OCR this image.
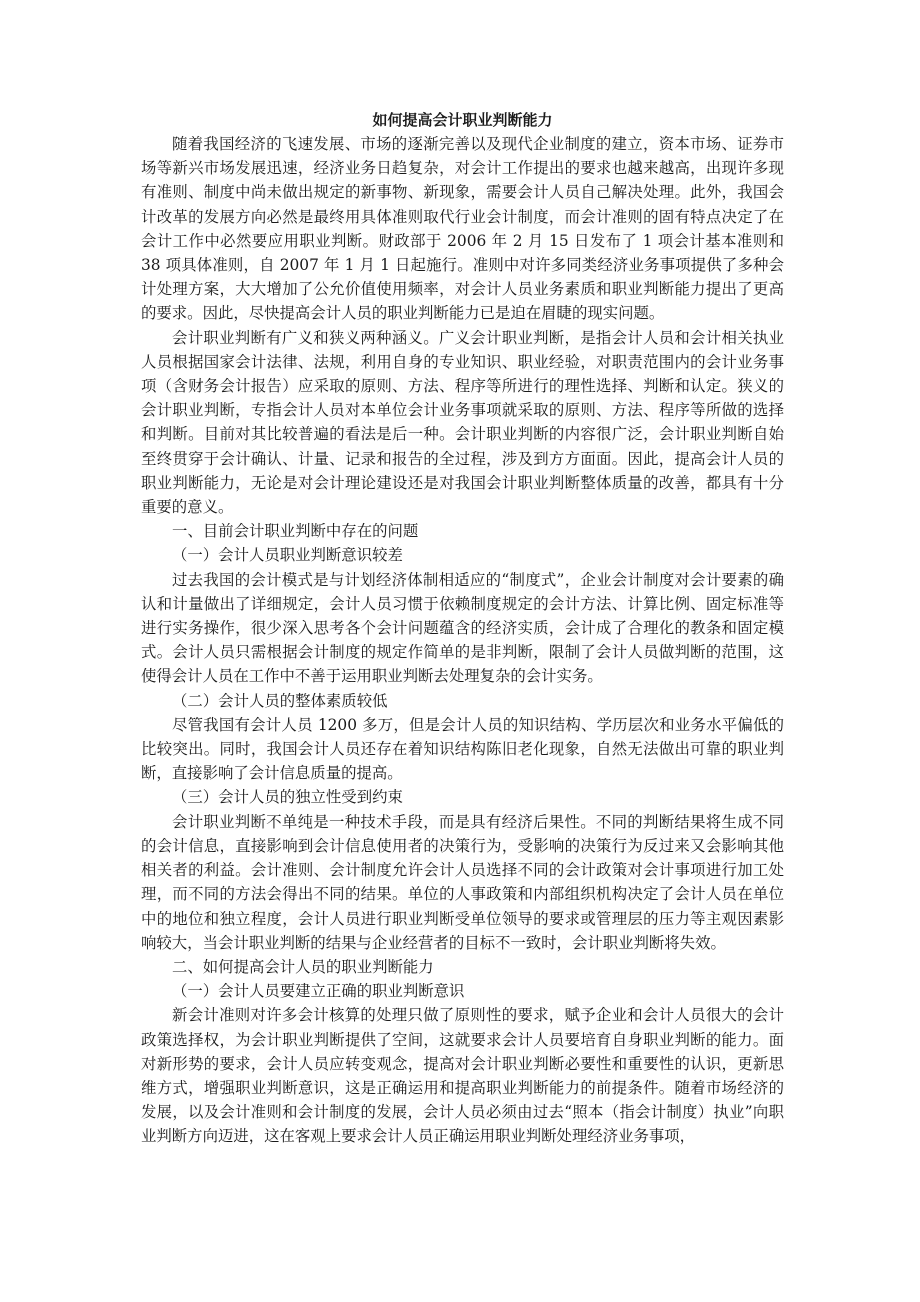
如何提高会计职业判断能力

随着我国经济的飞速发展、市场的逐渐完善以及现代企业制度的建立，资本市场、证券市场等新兴市场发展迅速，经济业务日趋复杂，对会计工作提出的要求也越来越高，出现许多现有准则、制度中尚未做出规定的新事物、新现象，需要会计人员自己解决处理。此外，我国会计改革的发展方向必然是最终用具体准则取代行业会计制度，而会计准则的固有特点决定了在会计工作中必然要应用职业判断。财政部于 2006 年 2 月 15 日发布了 1 项会计基本准则和 38 项具体准则，自 2007 年 1 月 1 日起施行。准则中对许多同类经济业务事项提供了多种会计处理方案，大大增加了公允价值使用频率，对会计人员业务素质和职业判断能力提出了更高的要求。因此，尽快提高会计人员的职业判断能力已是迫在眉睫的现实问题。

会计职业判断有广义和狭义两种涵义。广义会计职业判断，是指会计人员和会计相关执业人员根据国家会计法律、法规，利用自身的专业知识、职业经验，对职责范围内的会计业务事项（含财务会计报告）应采取的原则、方法、程序等所进行的理性选择、判断和认定。狭义的会计职业判断，专指会计人员对本单位会计业务事项就采取的原则、方法、程序等所做的选择和判断。目前对其比较普遍的看法是后一种。会计职业判断的内容很广泛，会计职业判断自始至终贯穿于会计确认、计量、记录和报告的全过程，涉及到方方面面。因此，提高会计人员的职业判断能力，无论是对会计理论建设还是对我国会计职业判断整体质量的改善，都具有十分重要的意义。

一、目前会计职业判断中存在的问题

（一）会计人员职业判断意识较差

过去我国的会计模式是与计划经济体制相适应的“制度式”，企业会计制度对会计要素的确认和计量做出了详细规定，会计人员习惯于依赖制度规定的会计方法、计算比例、固定标准等进行实务操作，很少深入思考各个会计问题蕴含的经济实质，会计成了合理化的教条和固定模式。会计人员只需根据会计制度的规定作简单的是非判断，限制了会计人员做判断的范围，这使得会计人员在工作中不善于运用职业判断去处理复杂的会计实务。

（二）会计人员的整体素质较低

尽管我国有会计人员 1200 多万，但是会计人员的知识结构、学历层次和业务水平偏低的比较突出。同时，我国会计人员还存在着知识结构陈旧老化现象，自然无法做出可靠的职业判断，直接影响了会计信息质量的提高。

（三）会计人员的独立性受到约束

会计职业判断不单纯是一种技术手段，而是具有经济后果性。不同的判断结果将生成不同的会计信息，直接影响到会计信息使用者的决策行为，受影响的决策行为反过来又会影响其他相关者的利益。会计准则、会计制度允许会计人员选择不同的会计政策对会计事项进行加工处理，而不同的方法会得出不同的结果。单位的人事政策和内部组织机构决定了会计人员在单位中的地位和独立程度，会计人员进行职业判断受单位领导的要求或管理层的压力等主观因素影响较大，当会计职业判断的结果与企业经营者的目标不一致时，会计职业判断将失效。

二、如何提高会计人员的职业判断能力

（一）会计人员要建立正确的职业判断意识

新会计准则对许多会计核算的处理只做了原则性的要求，赋予企业和会计人员很大的会计政策选择权，为会计职业判断提供了空间，这就要求会计人员要培育自身职业判断的能力。面对新形势的要求，会计人员应转变观念，提高对会计职业判断必要性和重要性的认识，更新思维方式，增强职业判断意识，这是正确运用和提高职业判断能力的前提条件。随着市场经济的发展，以及会计准则和会计制度的发展，会计人员必须由过去“照本（指会计制度）执业”向职业判断方向迈进，这在客观上要求会计人员正确运用职业判断处理经济业务事项，
